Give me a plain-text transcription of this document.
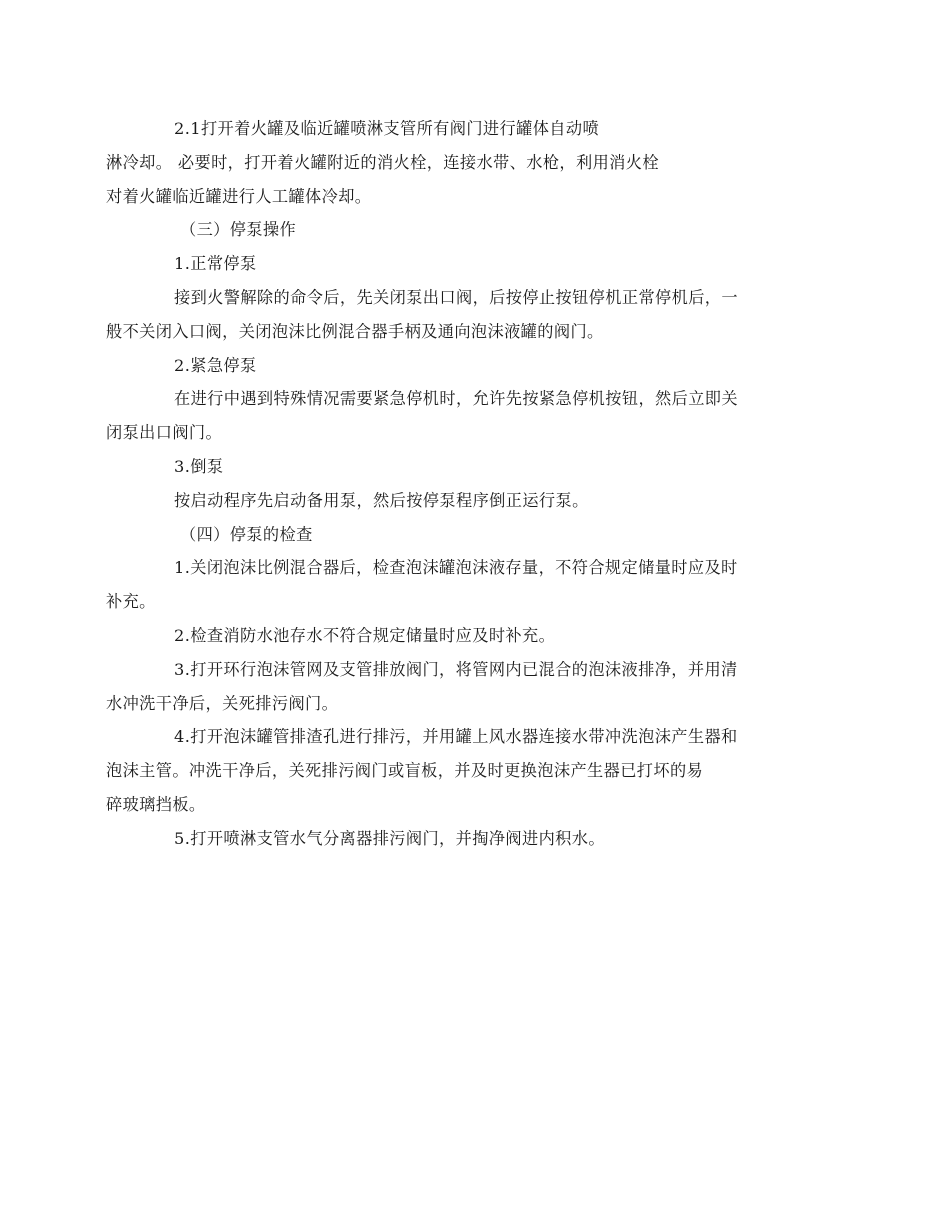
2.1打开着火罐及临近罐喷淋支管所有阀门进行罐体自动喷
淋冷却。 必要时，打开着火罐附近的消火栓，连接水带、水枪，利用消火栓
对着火罐临近罐进行人工罐体冷却。

（三）停泵操作

1.正常停泵

接到火警解除的命令后，先关闭泵出口阀，后按停止按钮停机正常停机后，一
般不关闭入口阀，关闭泡沫比例混合器手柄及通向泡沫液罐的阀门。

2.紧急停泵

在进行中遇到特殊情况需要紧急停机时，允许先按紧急停机按钮，然后立即关
闭泵出口阀门。

3.倒泵

按启动程序先启动备用泵，然后按停泵程序倒正运行泵。

（四）停泵的检查

1.关闭泡沫比例混合器后，检查泡沫罐泡沫液存量，不符合规定储量时应及时
补充。

2.检查消防水池存水不符合规定储量时应及时补充。

3.打开环行泡沫管网及支管排放阀门，将管网内已混合的泡沫液排净，并用清
水冲洗干净后，关死排污阀门。

4.打开泡沫罐管排渣孔进行排污，并用罐上风水器连接水带冲洗泡沫产生器和
泡沫主管。冲洗干净后，关死排污阀门或盲板，并及时更换泡沫产生器已打坏的易
碎玻璃挡板。

5.打开喷淋支管水气分离器排污阀门，并掏净阀进内积水。
